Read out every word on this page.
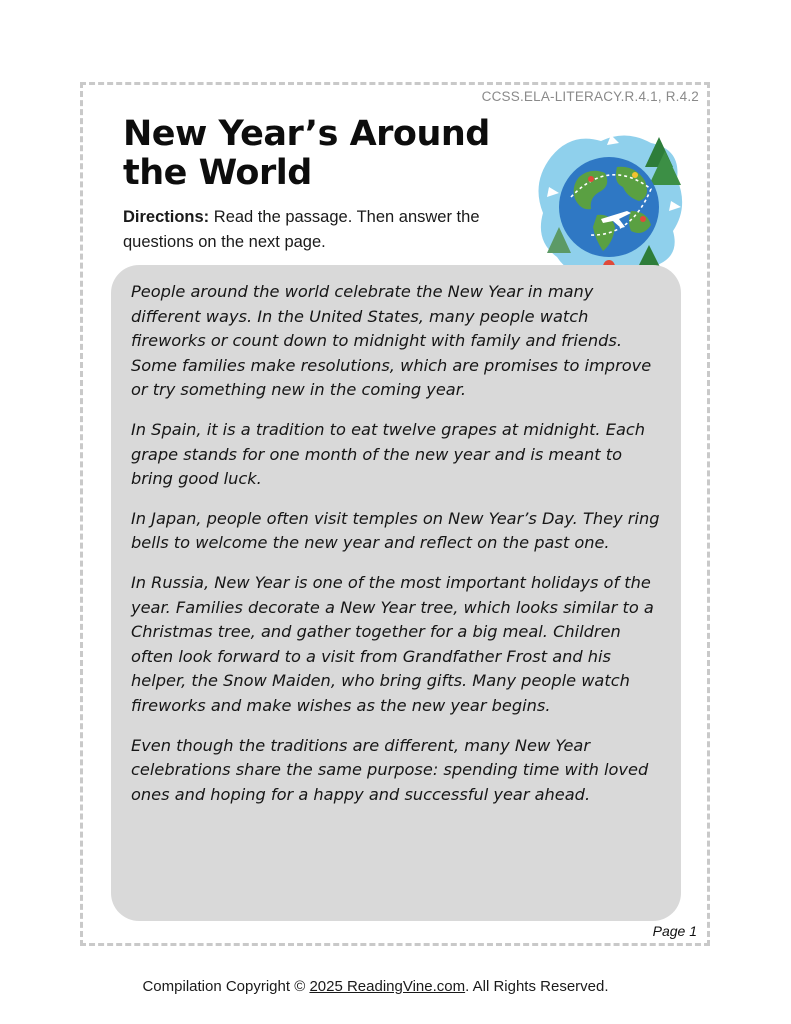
CCSS.ELA-LITERACY.R.4.1, R.4.2
New Year’s Around the World
Directions: Read the passage. Then answer the questions on the next page.

People around the world celebrate the New Year in many different ways. In the United States, many people watch fireworks or count down to midnight with family and friends. Some families make resolutions, which are promises to improve or try something new in the coming year.

In Spain, it is a tradition to eat twelve grapes at midnight. Each grape stands for one month of the new year and is meant to bring good luck.

In Japan, people often visit temples on New Year’s Day. They ring bells to welcome the new year and reflect on the past one.

In Russia, New Year is one of the most important holidays of the year. Families decorate a New Year tree, which looks similar to a Christmas tree, and gather together for a big meal. Children often look forward to a visit from Grandfather Frost and his helper, the Snow Maiden, who bring gifts. Many people watch fireworks and make wishes as the new year begins.

Even though the traditions are different, many New Year celebrations share the same purpose: spending time with loved ones and hoping for a happy and successful year ahead.

Page 1
Compilation Copyright © 2025 ReadingVine.com. All Rights Reserved.
